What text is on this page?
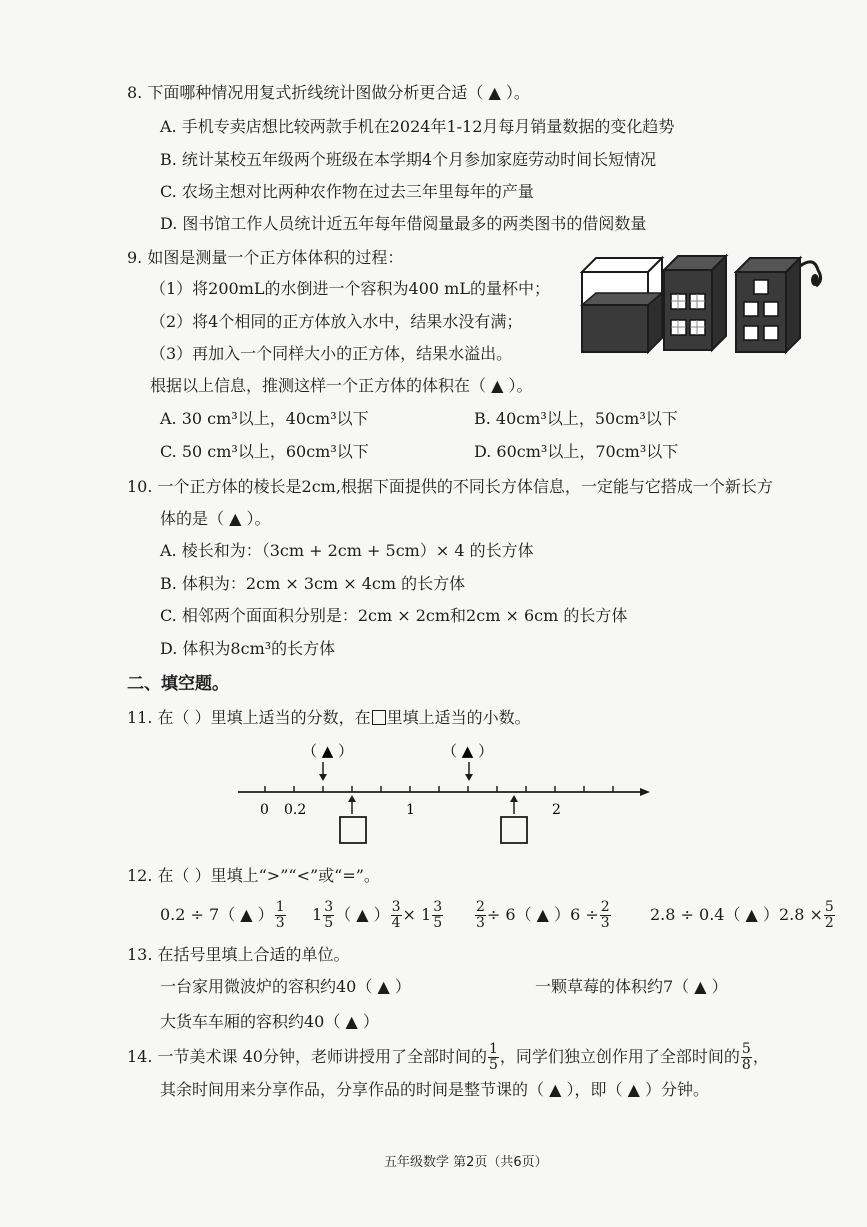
8. 下面哪种情况用复式折线统计图做分析更合适（ ▲ ）。
A. 手机专卖店想比较两款手机在2024年1-12月每月销量数据的变化趋势
B. 统计某校五年级两个班级在本学期4个月参加家庭劳动时间长短情况
C. 农场主想对比两种农作物在过去三年里每年的产量
D. 图书馆工作人员统计近五年每年借阅量最多的两类图书的借阅数量
9. 如图是测量一个正方体体积的过程：
（1）将200mL的水倒进一个容积为400 mL的量杯中；
（2）将4个相同的正方体放入水中，结果水没有满；
（3）再加入一个同样大小的正方体，结果水溢出。
根据以上信息，推测这样一个正方体的体积在（ ▲ ）。
A. 30 cm³以上，40cm³以下	B. 40cm³以上，50cm³以下
C. 50 cm³以上，60cm³以下	D. 60cm³以上，70cm³以下
10. 一个正方体的棱长是2cm,根据下面提供的不同长方体信息，一定能与它搭成一个新长方
体的是（ ▲ ）。
A. 棱长和为：（3cm + 2cm + 5cm）× 4 的长方体
B. 体积为：2cm × 3cm × 4cm 的长方体
C. 相邻两个面面积分别是：2cm × 2cm和2cm × 6cm 的长方体
D. 体积为8cm³的长方体
二、填空题。
11. 在（ ）里填上适当的分数，在 里填上适当的小数。
（ ▲ ）	（ ▲ ）
0 0.2	1	2
12. 在（ ）里填上“>”“<”或“=”。
0.2 ÷ 7（ ▲ ） $\frac{1}{3} 1 \frac{3}{5}$ （ ▲ ） $\frac{3}{4} \times 1 \frac{3}{5} \frac{2}{3} \div 6$（ ▲ ）$6 \div \frac{2}{3} 2.8 \div 0.4$（ ▲ ）$2.8 \times \frac{5}{2}$
13. 在括号里填上合适的单位。
一台家用微波炉的容积约40（ ▲ ）	一颗草莓的体积约7（ ▲ ）
大货车车厢的容积约40（ ▲ ）
14. 一节美术课 40分钟，老师讲授用了全部时间的 $\frac{1}{5}$ ，同学们独立创作用了全部时间的 $\frac{5}{8}$ ，
其余时间用来分享作品，分享作品的时间是整节课的（ ▲ ），即（ ▲ ）分钟。
五年级数学 第2页（共6页）
